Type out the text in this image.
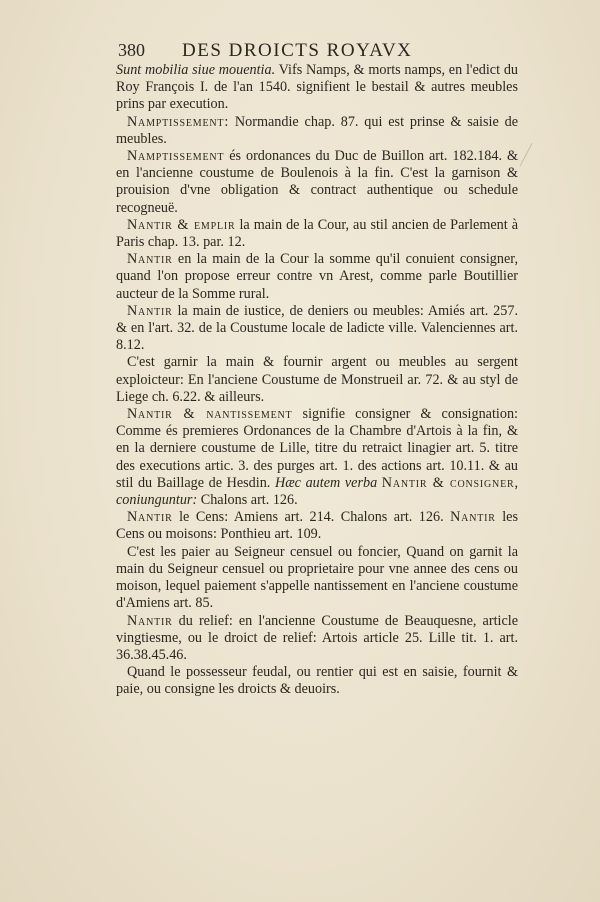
380 DES DROICTS ROYAVX

Sunt mobilia siue mouentia. Vifs Namps, & morts namps, en l'edict du Roy François I. de l'an 1540. signifient le bestail & autres meubles prins par execution.

Namptissement: Normandie chap. 87. qui est prinse & saisie de meubles.

Namptissement és ordonances du Duc de Buillon art. 182.184. & en l'ancienne coustume de Boulenois à la fin. C'est la garnison & prouision d'vne obligation & contract authentique ou schedule recogneuë.

Nantir & emplir la main de la Cour, au stil ancien de Parlement à Paris chap. 13. par. 12.

Nantir en la main de la Cour la somme qu'il conuient consigner, quand l'on propose erreur contre vn Arest, comme parle Boutillier aucteur de la Somme rural.

Nantir la main de iustice, de deniers ou meubles: Amiés art. 257. & en l'art. 32. de la Coustume locale de ladicte ville. Valenciennes art. 8.12.

C'est garnir la main & fournir argent ou meubles au sergent exploicteur: En l'anciene Coustume de Monstrueil ar. 72. & au styl de Liege ch. 6.22. & ailleurs.

Nantir & nantissement signifie consigner & consignation: Comme és premieres Ordonances de la Chambre d'Artois à la fin, & en la derniere coustume de Lille, titre du retraict linagier art. 5. titre des executions artic. 3. des purges art. 1. des actions art. 10.11. & au stil du Baillage de Hesdin. Hæc autem verba Nantir & consigner, coniunguntur: Chalons art. 126.

Nantir le Cens: Amiens art. 214. Chalons art. 126. Nantir les Cens ou moisons: Ponthieu art. 109.

C'est les paier au Seigneur censuel ou foncier, Quand on garnit la main du Seigneur censuel ou proprietaire pour vne annee des cens ou moison, lequel paiement s'appelle nantissement en l'anciene coustume d'Amiens art. 85.

Nantir du relief: en l'ancienne Coustume de Beauquesne, article vingtiesme, ou le droict de relief: Artois article 25. Lille tit. 1. art. 36.38.45.46.

Quand le possesseur feudal, ou rentier qui est en saisie, fournit & paie, ou consigne les droicts & deuoirs.
